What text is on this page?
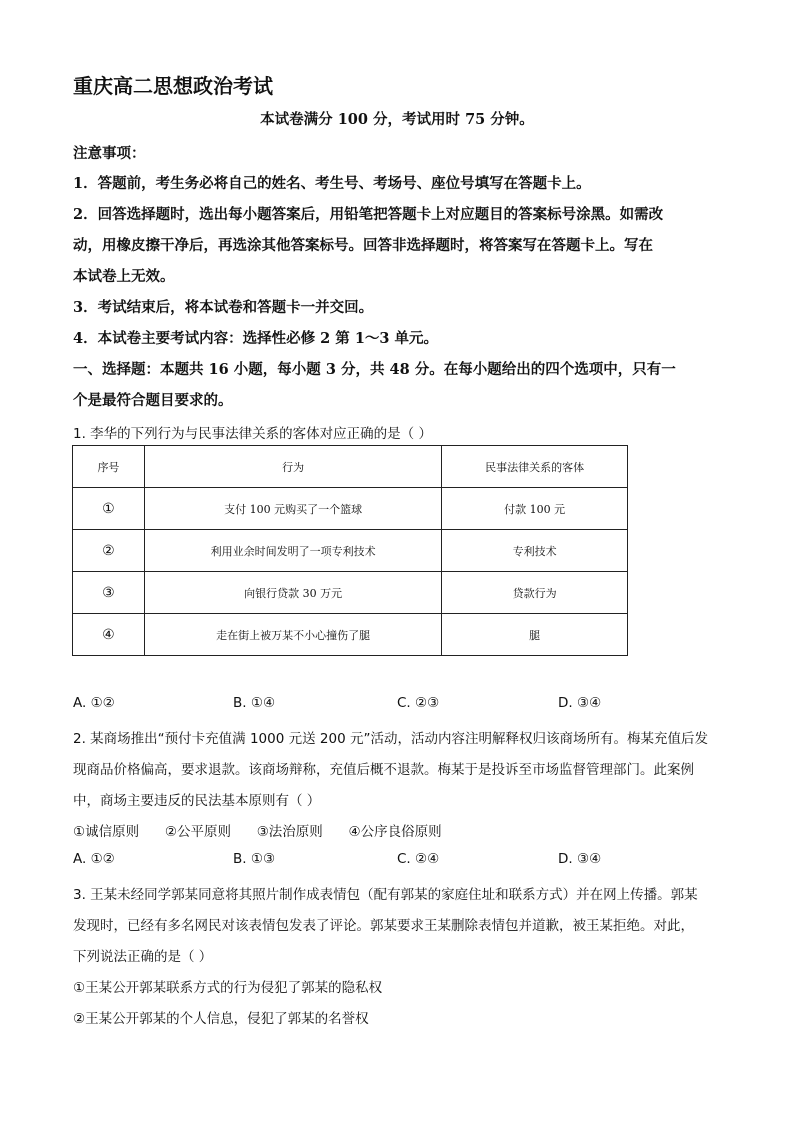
重庆高二思想政治考试
本试卷满分 100 分，考试用时 75 分钟。
注意事项：
1．答题前，考生务必将自己的姓名、考生号、考场号、座位号填写在答题卡上。
2．回答选择题时，选出每小题答案后，用铅笔把答题卡上对应题目的答案标号涂黑。如需改
动，用橡皮擦干净后，再选涂其他答案标号。回答非选择题时，将答案写在答题卡上。写在
本试卷上无效。
3．考试结束后，将本试卷和答题卡一并交回。
4．本试卷主要考试内容：选择性必修 2 第 1～3 单元。
一、选择题：本题共 16 小题，每小题 3 分，共 48 分。在每小题给出的四个选项中，只有一
个是最符合题目要求的。
1. 李华的下列行为与民事法律关系的客体对应正确的是（ ）
序号	行为	民事法律关系的客体
①	支付 100 元购买了一个篮球	付款 100 元
②	利用业余时间发明了一项专利技术	专利技术
③	向银行贷款 30 万元	贷款行为
④	走在街上被万某不小心撞伤了腿	腿
A. ①②	B. ①④	C. ②③	D. ③④
2. 某商场推出“预付卡充值满 1000 元送 200 元”活动，活动内容注明解释权归该商场所有。梅某充值后发
现商品价格偏高，要求退款。该商场辩称，充值后概不退款。梅某于是投诉至市场监督管理部门。此案例
中，商场主要违反的民法基本原则有（ ）
①诚信原则      ②公平原则      ③法治原则      ④公序良俗原则
A. ①②	B. ①③	C. ②④	D. ③④
3. 王某未经同学郭某同意将其照片制作成表情包（配有郭某的家庭住址和联系方式）并在网上传播。郭某
发现时，已经有多名网民对该表情包发表了评论。郭某要求王某删除表情包并道歉，被王某拒绝。对此，
下列说法正确的是（ ）
①王某公开郭某联系方式的行为侵犯了郭某的隐私权
②王某公开郭某的个人信息，侵犯了郭某的名誉权
